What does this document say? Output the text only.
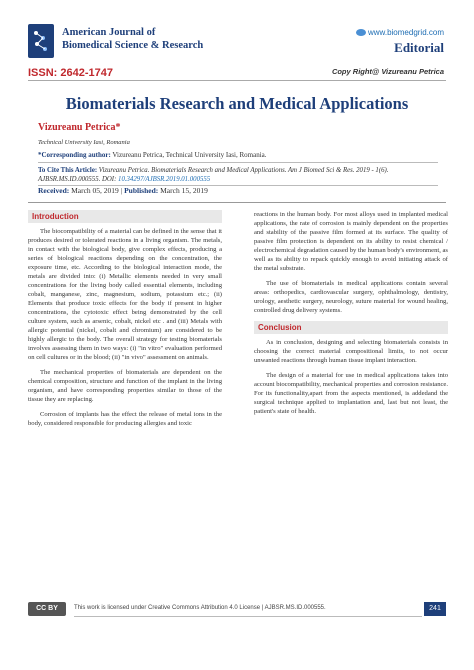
American Journal of
Biomedical Science & Research
www.biomedgrid.com
Editorial
ISSN: 2642-1747	Copy Right@ Vizureanu Petrica
Biomaterials Research and Medical Applications
Vizureanu Petrica*
Technical University Iasi, Romania
*Corresponding author: Vizureanu Petrica, Technical University Iasi, Romania.
To Cite This Article: Vizureanu Petrica. Biomaterials Research and Medical Applications. Am J Biomed Sci & Res. 2019 - 1(6). AJBSR.MS.ID.000555. DOI: 10.34297/AJBSR.2019.01.000555
Received: March 05, 2019 | Published: March 15, 2019
Introduction

The biocompatibility of a material can be defined in the sense that it produces desired or tolerated reactions in a living organism. The metals, in contact with the biological body, give complex effects, producing a series of biological reactions depending on the concentration, the exposure time, etc. According to the biological interaction mode, the metals are divided into: (i) Metallic elements needed in very small concentrations for the living body called essential elements, including cobalt, manganese, zinc, magnesium, sodium, potassium etc.; (ii) Elements that produce toxic effects for the body if present in higher concentrations, the cytotoxic effect being demonstrated by the cell culture system, such as arsenic, cobalt, nickel etc . and (iii) Metals with allergic potential (nickel, cobalt and chromium) are considered to be highly allergic to the body. The overall strategy for testing biomaterials involves assessing them in two ways: (i) "in vitro" evaluation performed on cell cultures or in the blood; (ii) "in vivo" assessment on animals.

The mechanical properties of biomaterials are dependent on the chemical composition, structure and function of the implant in the living organism, and have corresponding properties similar to those of the tissue they are replacing.

Corrosion of implants has the effect the release of metal ions in the body, considered responsible for producing allergies and toxic

reactions in the human body. For most alloys used in implanted medical applications, the rate of corrosion is mainly dependent on the properties and stability of the passive film formed at its surface. The quality of passive film protection is dependent on its ability to resist chemical / electrochemical degradation caused by the human body's environment, as well as its ability to repack quickly enough to avoid initiating attack of the metal substrate.

The use of biomaterials in medical applications contain several areas: orthopedics, cardiovascular surgery, ophthalmology, dentistry, urology, aesthetic surgery, neurology, suture material for wound healing, controlled drug delivery systems.

Conclusion

As in conclusion, designing and selecting biomaterials consists in choosing the correct material compositional limits, to not occur unwanted reactions through human tissue implant interaction.

The design of a material for use in medical applications takes into account biocompatibility, mechanical properties and corrosion resistance. For its functionality,apart from the aspects mentioned, is addedand the surgical technique applied to implantation and, last but not least, the patient's state of health.

CC BY	This work is licensed under Creative Commons Attribution 4.0 License | AJBSR.MS.ID.000555.	241
